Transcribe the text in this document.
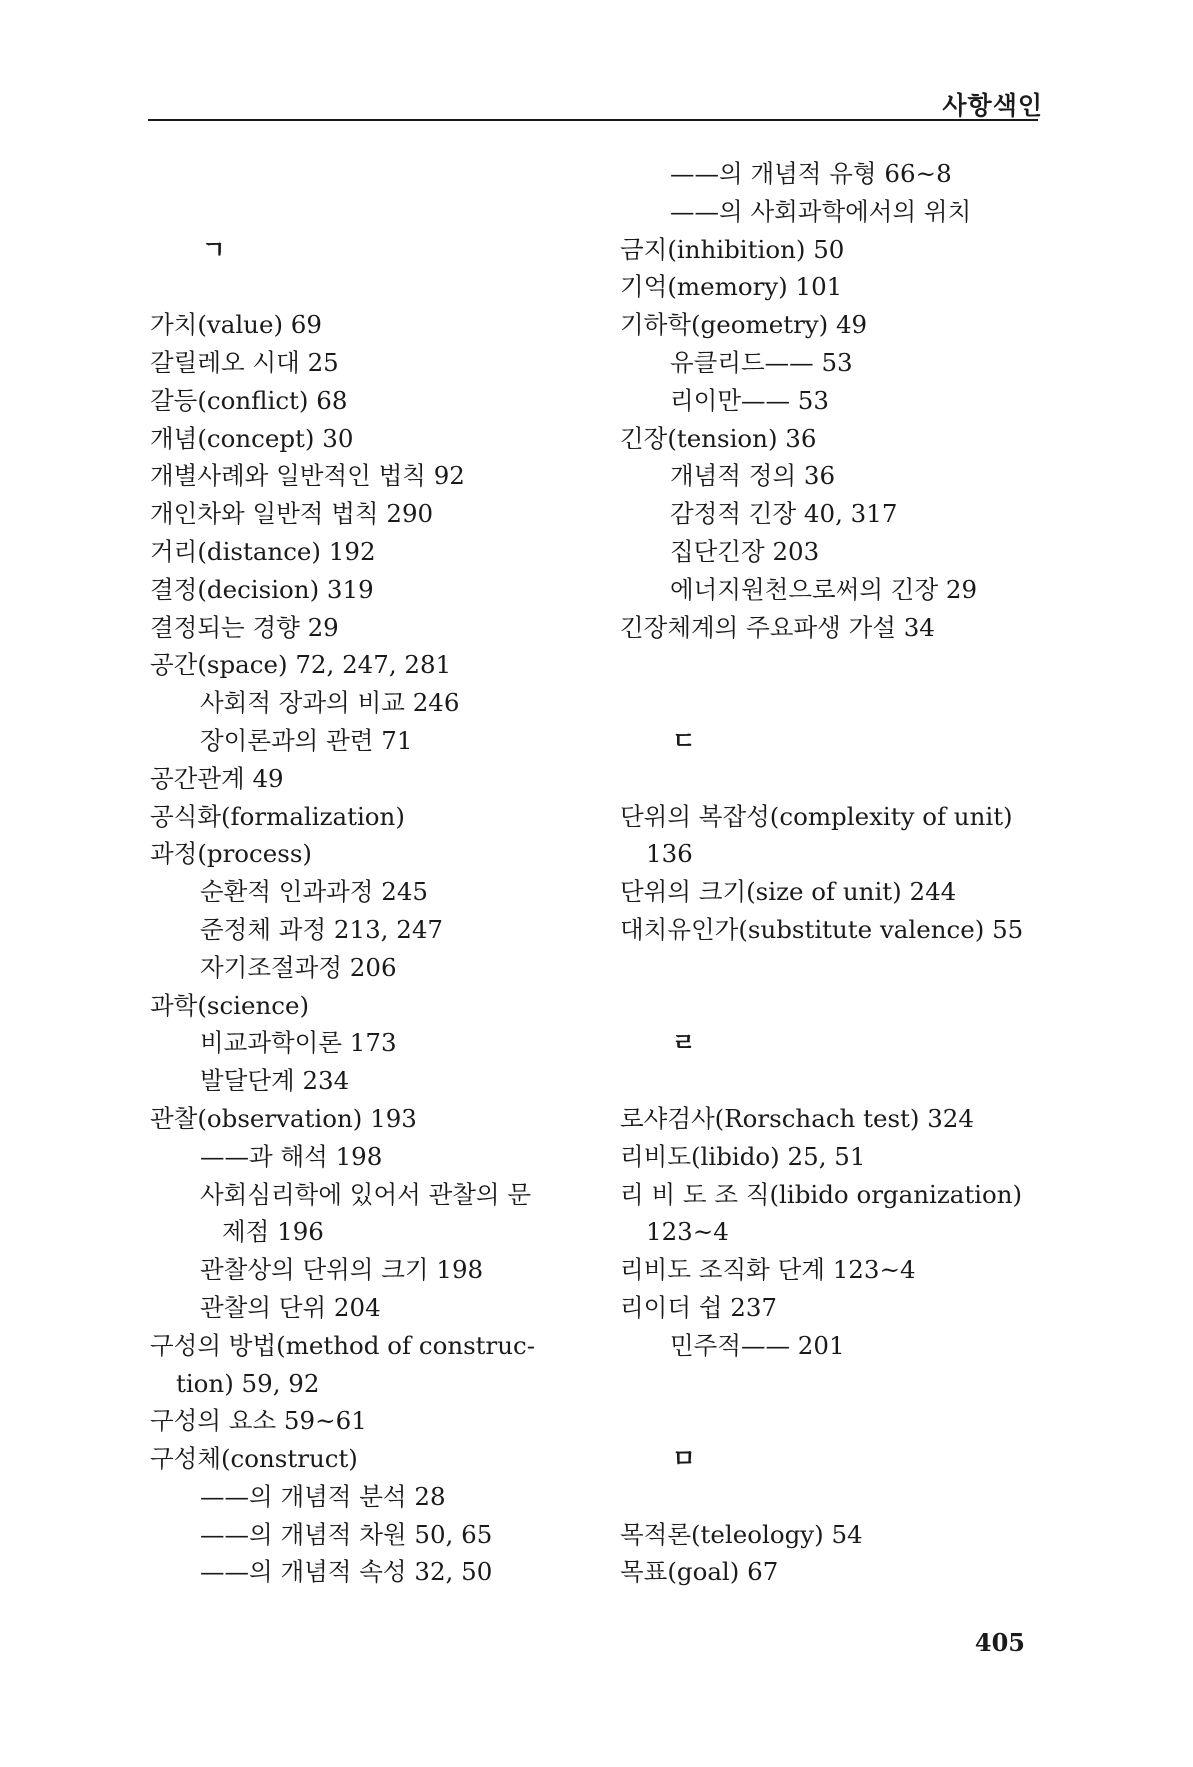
사항색인
ㄱ
가치(value) 69
갈릴레오 시대 25
갈등(conflict) 68
개념(concept) 30
개별사례와 일반적인 법칙 92
개인차와 일반적 법칙 290
거리(distance) 192
결정(decision) 319
결정되는 경향 29
공간(space) 72, 247, 281
사회적 장과의 비교 246
장이론과의 관련 71
공간관계 49
공식화(formalization)
과정(process)
순환적 인과과정 245
준정체 과정 213, 247
자기조절과정 206
과학(science)
비교과학이론 173
발달단계 234
관찰(observation) 193
——과 해석 198
사회심리학에 있어서 관찰의 문
제점 196
관찰상의 단위의 크기 198
관찰의 단위 204
구성의 방법(method of construc-
tion) 59, 92
구성의 요소 59~61
구성체(construct)
——의 개념적 분석 28
——의 개념적 차원 50, 65
——의 개념적 속성 32, 50
——의 개념적 유형 66~8
——의 사회과학에서의 위치
금지(inhibition) 50
기억(memory) 101
기하학(geometry) 49
유클리드—— 53
리이만—— 53
긴장(tension) 36
개념적 정의 36
감정적 긴장 40, 317
집단긴장 203
에너지원천으로써의 긴장 29
긴장체계의 주요파생 가설 34
ㄷ
단위의 복잡성(complexity of unit)
136
단위의 크기(size of unit) 244
대치유인가(substitute valence) 55
ㄹ
로샤검사(Rorschach test) 324
리비도(libido) 25, 51
리 비 도 조 직(libido organization)
123~4
리비도 조직화 단계 123~4
리이더 쉽 237
민주적—— 201
ㅁ
목적론(teleology) 54
목표(goal) 67
405
